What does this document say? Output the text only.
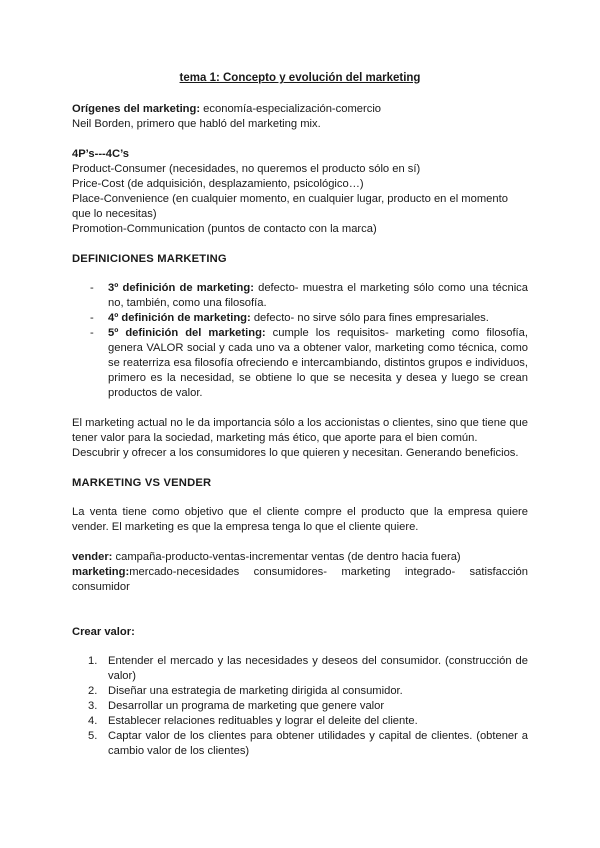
tema 1: Concepto y evolución del marketing

Orígenes del marketing: economía-especialización-comercio

Neil Borden, primero que habló del marketing mix.

4P’s---4C’s

Product-Consumer (necesidades, no queremos el producto sólo en sí)

Price-Cost (de adquisición, desplazamiento, psicológico…)

Place-Convenience (en cualquier momento, en cualquier lugar, producto en el momento que lo necesitas)

Promotion-Communication (puntos de contacto con la marca)

DEFINICIONES MARKETING

- 3º definición de marketing: defecto- muestra el marketing sólo como una técnica no, también, como una filosofía.
- 4º definición de marketing: defecto- no sirve sólo para fines empresariales.
- 5º definición del marketing: cumple los requisitos- marketing como filosofía, genera VALOR social y cada uno va a obtener valor, marketing como técnica, como se reaterriza esa filosofía ofreciendo e intercambiando, distintos grupos e individuos, primero es la necesidad, se obtiene lo que se necesita y desea y luego se crean productos de valor.

El marketing actual no le da importancia sólo a los accionistas o clientes, sino que tiene que tener valor para la sociedad, marketing más ético, que aporte para el bien común.

Descubrir y ofrecer a los consumidores lo que quieren y necesitan. Generando beneficios.

MARKETING VS VENDER

La venta tiene como objetivo que el cliente compre el producto que la empresa quiere vender. El marketing es que la empresa tenga lo que el cliente quiere.

vender: campaña-producto-ventas-incrementar ventas (de dentro hacia fuera)

marketing:mercado-necesidades consumidores- marketing integrado- satisfacción

consumidor

Crear valor:

1. Entender el mercado y las necesidades y deseos del consumidor. (construcción de valor)
2. Diseñar una estrategia de marketing dirigida al consumidor.
3. Desarrollar un programa de marketing que genere valor
4. Establecer relaciones redituables y lograr el deleite del cliente.
5. Captar valor de los clientes para obtener utilidades y capital de clientes. (obtener a cambio valor de los clientes)
